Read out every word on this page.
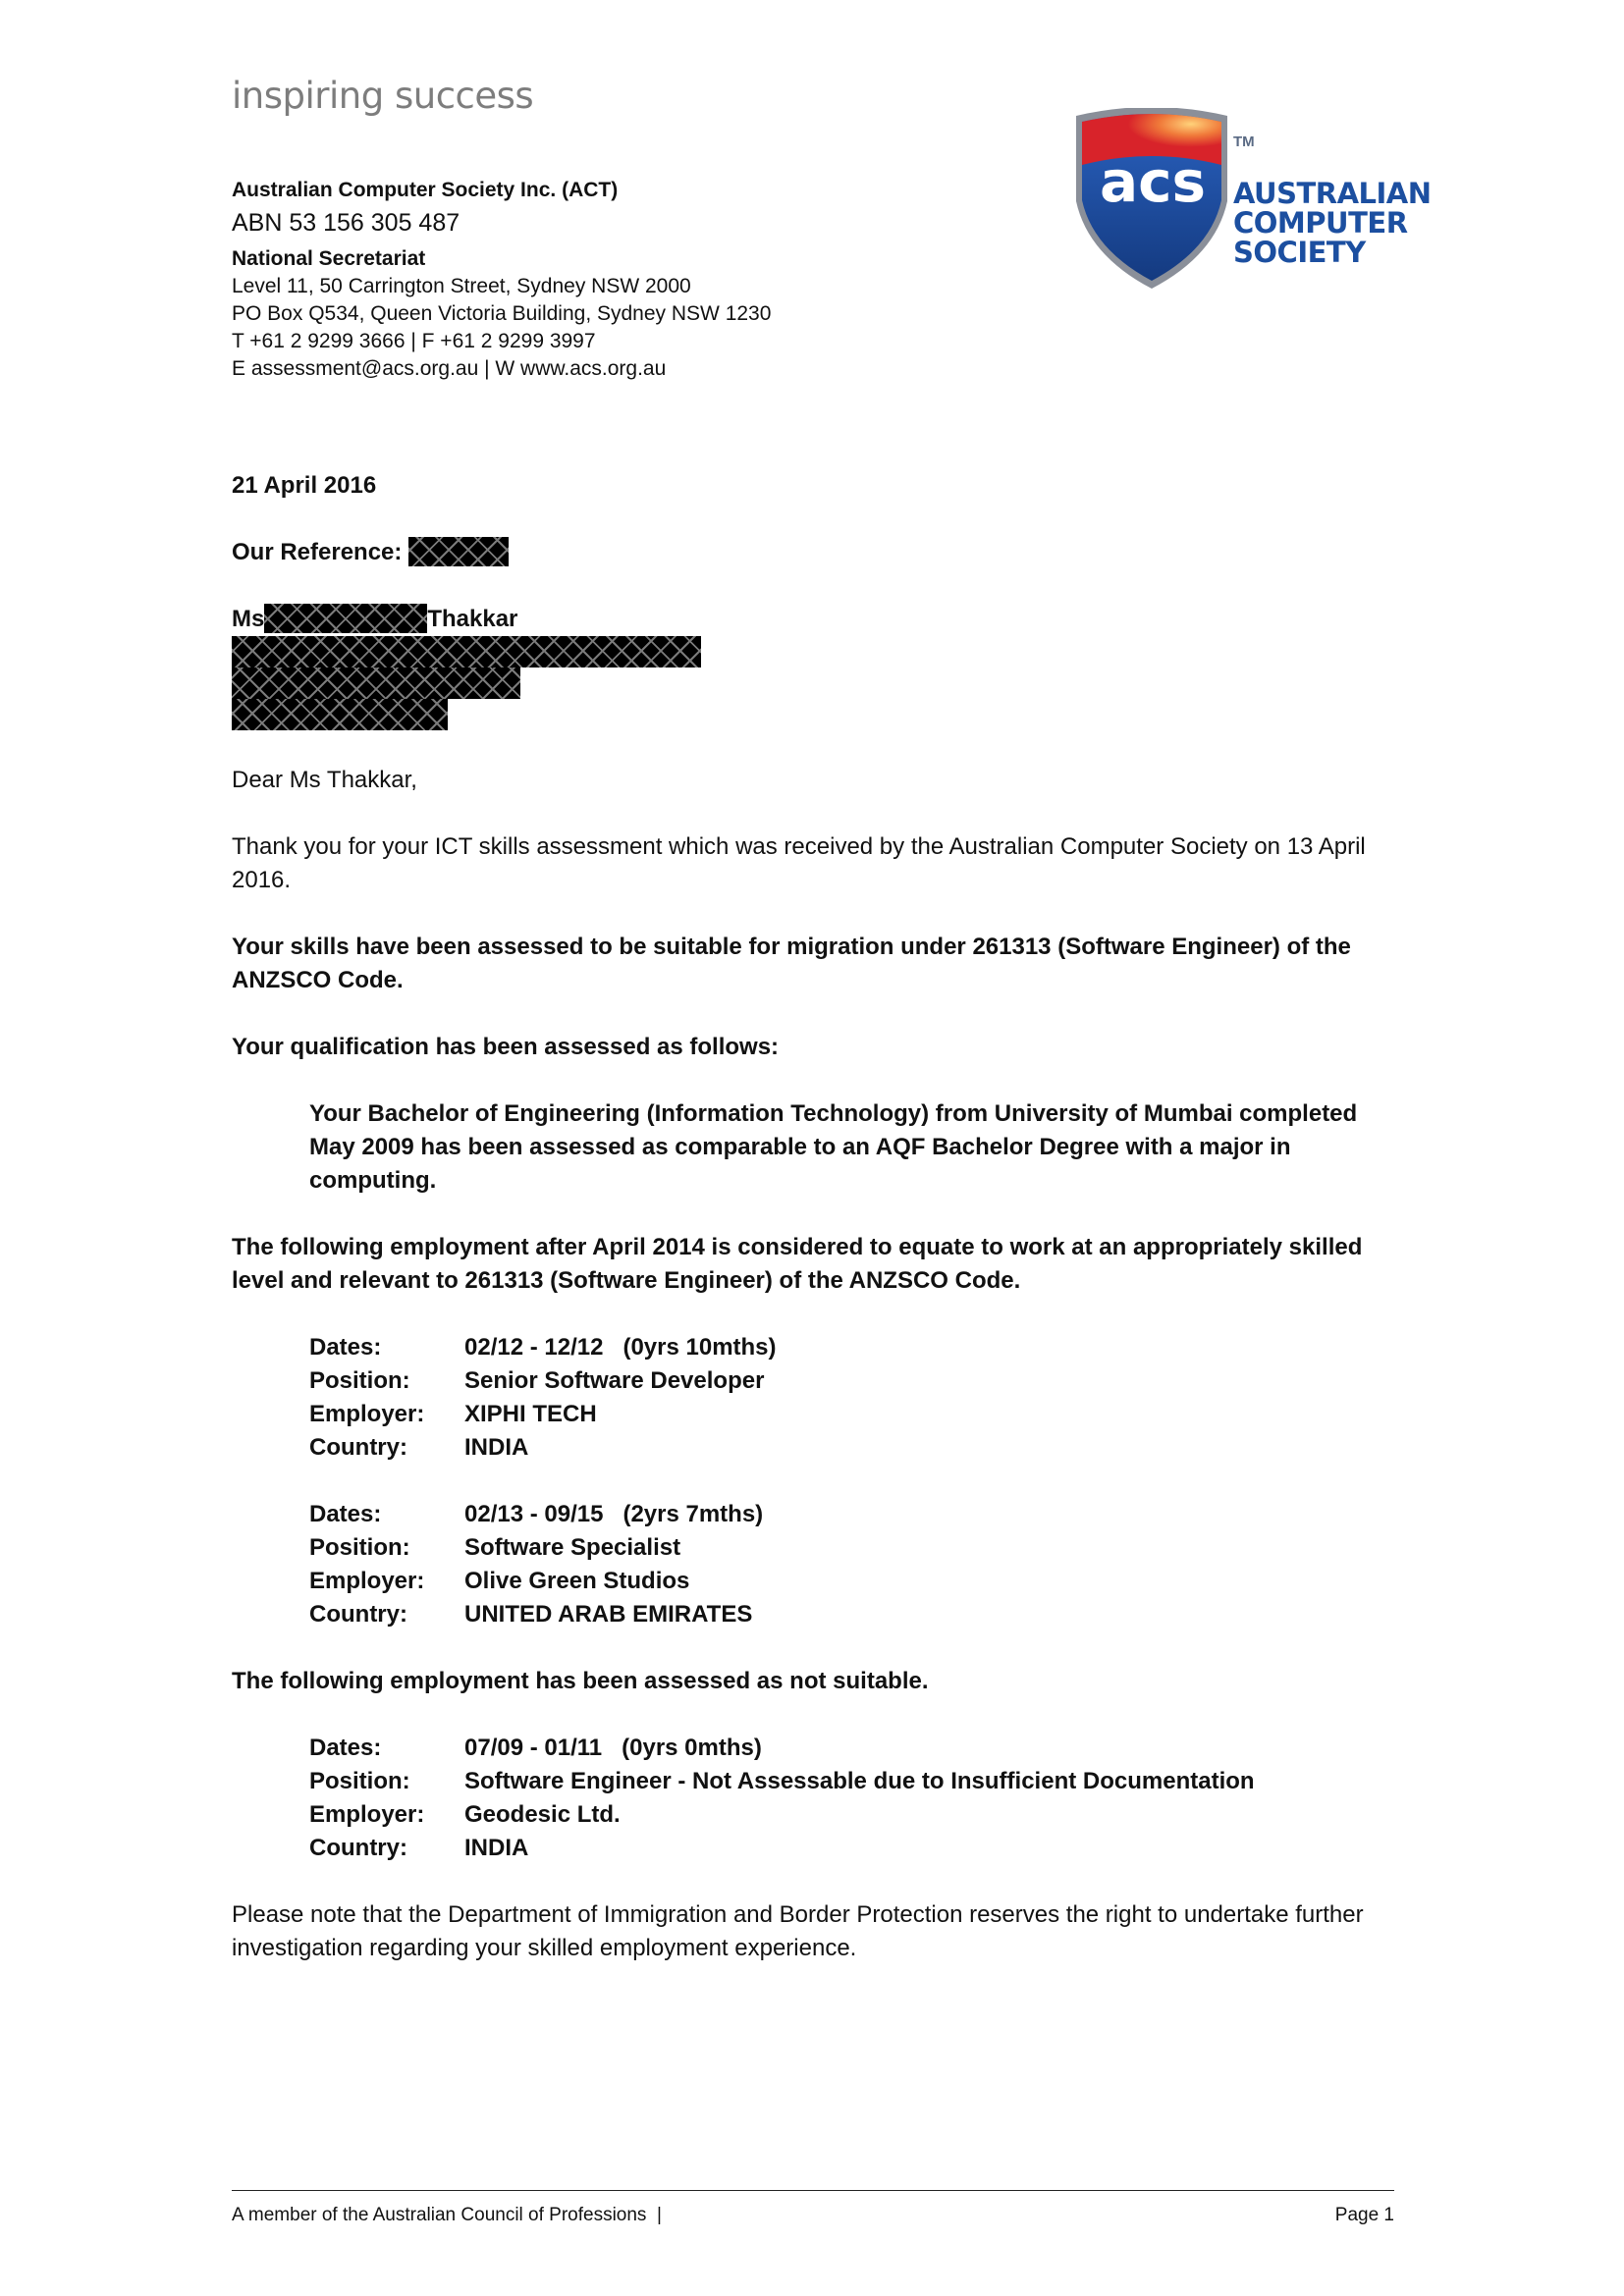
inspiring success
Australian Computer Society Inc. (ACT)
ABN 53 156 305 487
National Secretariat
Level 11, 50 Carrington Street, Sydney NSW 2000
PO Box Q534, Queen Victoria Building, Sydney NSW 1230
T +61 2 9299 3666 | F +61 2 9299 3997
E assessment@acs.org.au | W www.acs.org.au
acs
TM
AUSTRALIAN
COMPUTER
SOCIETY

21 April 2016

Our Reference:

Ms	Thakkar

Dear Ms Thakkar,

Thank you for your ICT skills assessment which was received by the Australian Computer Society on 13 April 2016.

Your skills have been assessed to be suitable for migration under 261313 (Software Engineer) of the ANZSCO Code.

Your qualification has been assessed as follows:

Your Bachelor of Engineering (Information Technology) from University of Mumbai completed May 2009 has been assessed as comparable to an AQF Bachelor Degree with a major in computing.

The following employment after April 2014 is considered to equate to work at an appropriately skilled level and relevant to 261313 (Software Engineer) of the ANZSCO Code.

Dates:	02/12 - 12/12   (0yrs 10mths)
Position:	Senior Software Developer
Employer:	XIPHI TECH
Country:	INDIA
Dates:	02/13 - 09/15   (2yrs 7mths)
Position:	Software Specialist
Employer:	Olive Green Studios
Country:	UNITED ARAB EMIRATES

The following employment has been assessed as not suitable.

Dates:	07/09 - 01/11   (0yrs 0mths)
Position:	Software Engineer - Not Assessable due to Insufficient Documentation
Employer:	Geodesic Ltd.
Country:	INDIA

Please note that the Department of Immigration and Border Protection reserves the right to undertake further investigation regarding your skilled employment experience.

A member of the Australian Council of Professions  |	Page 1
